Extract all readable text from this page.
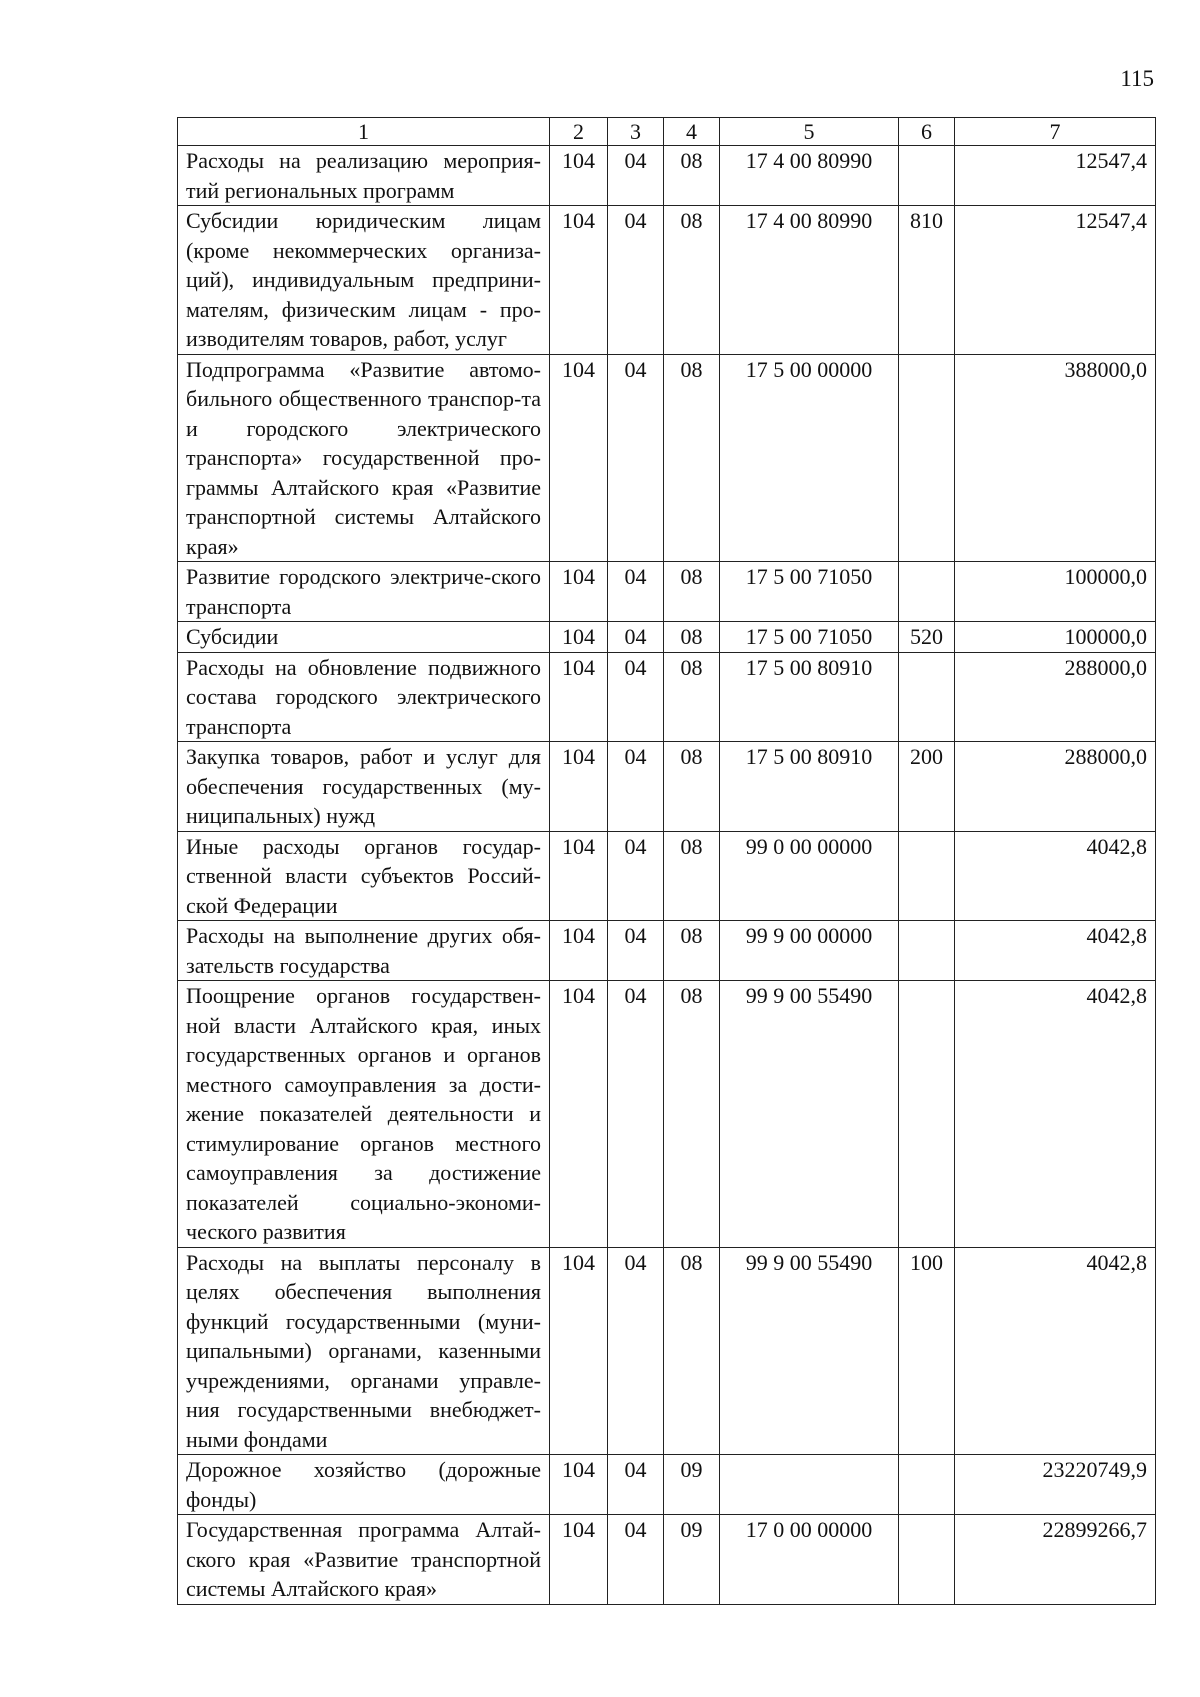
115
1	2	3	4	5	6	7
Расходы на реализацию мероприя-тий региональных программ	104	04	08	17 4 00 80990		12547,4
Субсидии юридическим лицам (кроме некоммерческих организа-ций), индивидуальным предприни-мателям, физическим лицам - про-изводителям товаров, работ, услуг	104	04	08	17 4 00 80990	810	12547,4
Подпрограмма «Развитие автомо-бильного общественного транспор-та и городского электрического транспорта» государственной про-граммы Алтайского края «Развитие транспортной системы Алтайского края»	104	04	08	17 5 00 00000		388000,0
Развитие городского электриче-ского транспорта	104	04	08	17 5 00 71050		100000,0
Субсидии	104	04	08	17 5 00 71050	520	100000,0
Расходы на обновление подвижного состава городского электрического транспорта	104	04	08	17 5 00 80910		288000,0
Закупка товаров, работ и услуг для обеспечения государственных (му-ниципальных) нужд	104	04	08	17 5 00 80910	200	288000,0
Иные расходы органов государ-ственной власти субъектов Россий-ской Федерации	104	04	08	99 0 00 00000		4042,8
Расходы на выполнение других обя-зательств государства	104	04	08	99 9 00 00000		4042,8
Поощрение органов государствен-ной власти Алтайского края, иных государственных органов и органов местного самоуправления за дости-жение показателей деятельности и стимулирование органов местного самоуправления за достижение показателей социально-экономи-ческого развития	104	04	08	99 9 00 55490		4042,8
Расходы на выплаты персоналу в целях обеспечения выполнения функций государственными (муни-ципальными) органами, казенными учреждениями, органами управле-ния государственными внебюджет-ными фондами	104	04	08	99 9 00 55490	100	4042,8
Дорожное хозяйство (дорожные фонды)	104	04	09			23220749,9
Государственная программа Алтай-ского края «Развитие транспортной системы Алтайского края»	104	04	09	17 0 00 00000		22899266,7
